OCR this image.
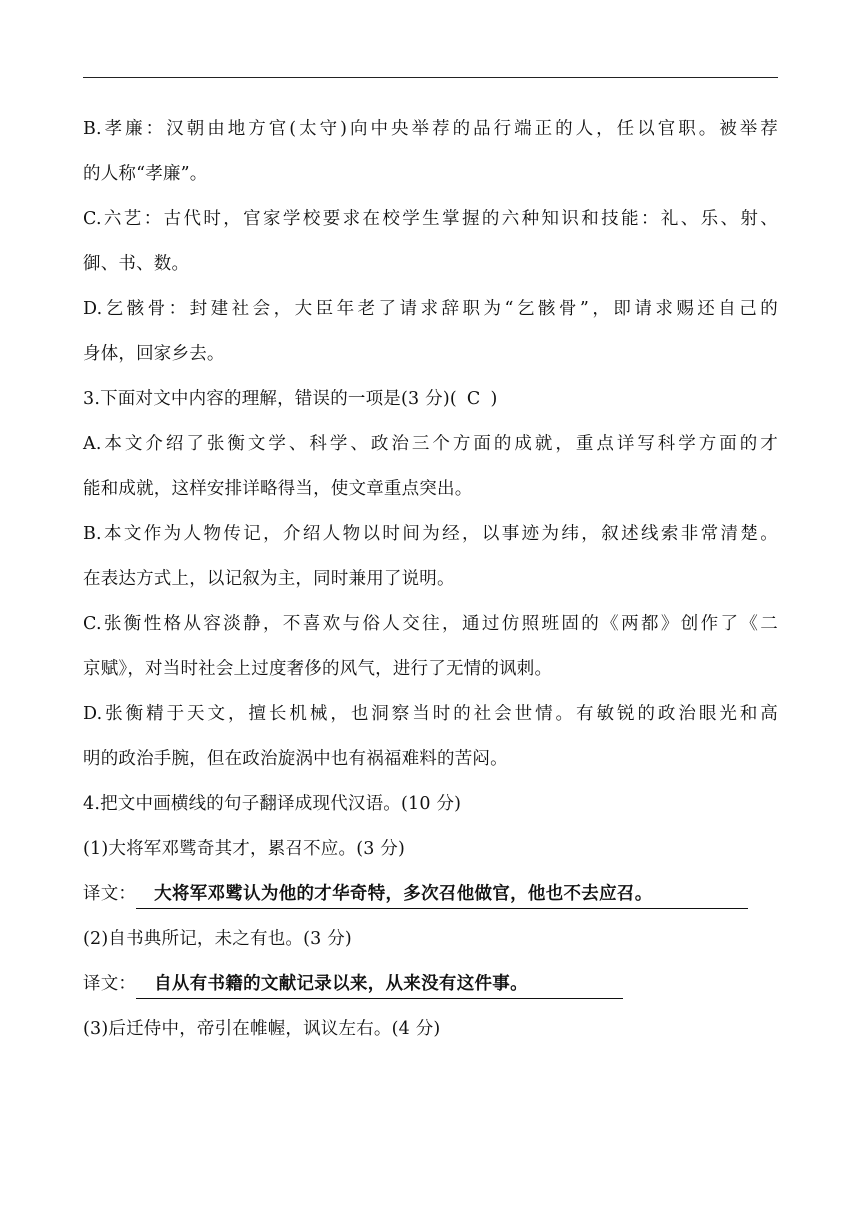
B.孝廉：汉朝由地方官(太守)向中央举荐的品行端正的人，任以官职。被举荐
的人称“孝廉”。
C.六艺：古代时，官家学校要求在校学生掌握的六种知识和技能：礼、乐、射、
御、书、数。
D.乞骸骨：封建社会，大臣年老了请求辞职为“乞骸骨”，即请求赐还自己的
身体，回家乡去。
3.下面对文中内容的理解，错误的一项是(3 分)( C )
A.本文介绍了张衡文学、科学、政治三个方面的成就，重点详写科学方面的才
能和成就，这样安排详略得当，使文章重点突出。
B.本文作为人物传记，介绍人物以时间为经，以事迹为纬，叙述线索非常清楚。
在表达方式上，以记叙为主，同时兼用了说明。
C.张衡性格从容淡静，不喜欢与俗人交往，通过仿照班固的《两都》创作了《二
京赋》，对当时社会上过度奢侈的风气，进行了无情的讽刺。
D.张衡精于天文，擅长机械，也洞察当时的社会世情。有敏锐的政治眼光和高
明的政治手腕，但在政治旋涡中也有祸福难料的苦闷。
4.把文中画横线的句子翻译成现代汉语。(10 分)
(1)大将军邓骘奇其才，累召不应。(3 分)
译文：	大将军邓骘认为他的才华奇特，多次召他做官，他也不去应召。
(2)自书典所记，未之有也。(3 分)
译文：	自从有书籍的文献记录以来，从来没有这件事。
(3)后迁侍中，帝引在帷幄，讽议左右。(4 分)
